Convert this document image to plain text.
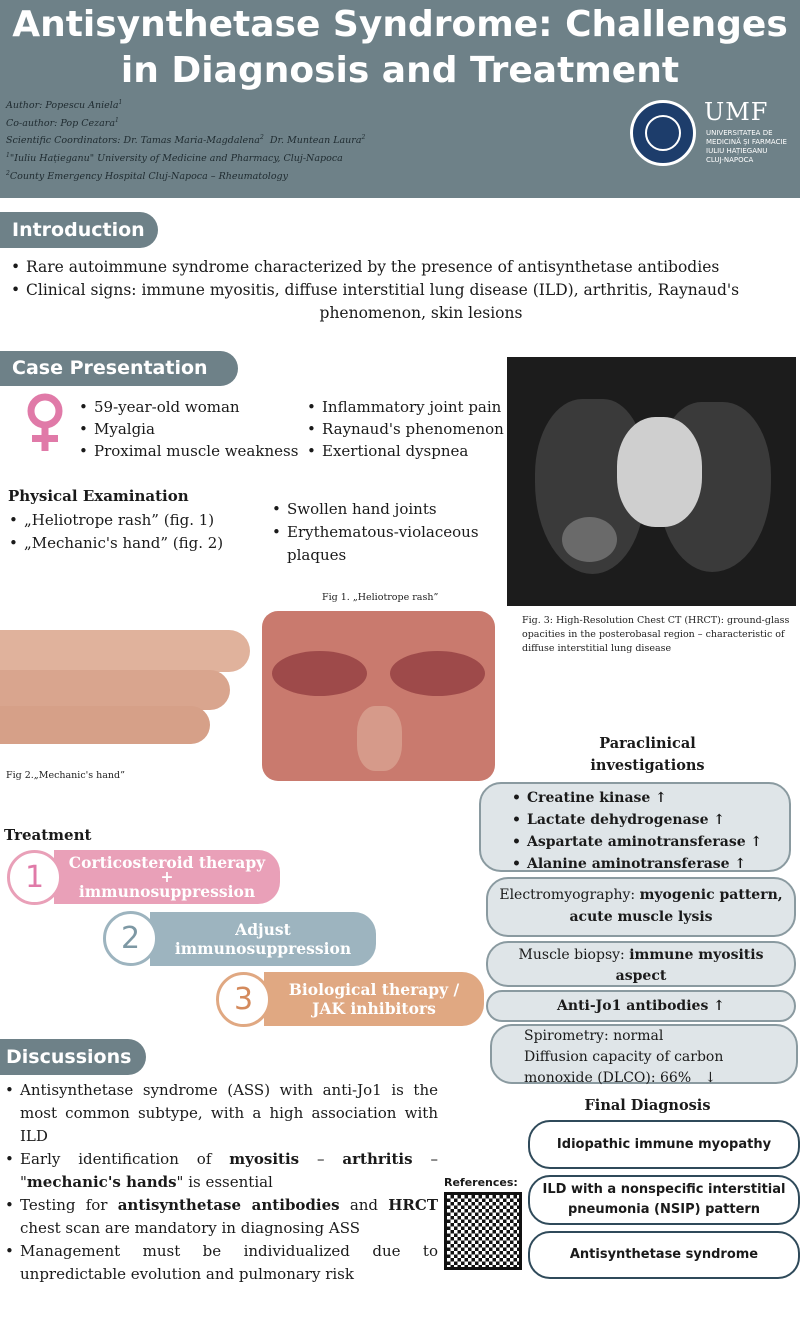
Antisynthetase Syndrome: Challenges
in Diagnosis and Treatment
Author: Popescu Aniela$^1$
Co-author: Pop Cezara$^1$
Scientific Coordinators: Dr. Tamas Maria-Magdalena$^2$ Dr. Muntean Laura$^2$
$^1$"Iuliu Hațieganu" University of Medicine and Pharmacy, Cluj-Napoca
$^2$County Emergency Hospital Cluj-Napoca – Rheumatology
UMF
UNIVERSITATEA DE
MEDICINĂ ȘI FARMACIE
IULIU HAȚIEGANU
CLUJ-NAPOCA
Introduction
• Rare autoimmune syndrome characterized by the presence of antisynthetase antibodies
• Clinical signs: immune myositis, diffuse interstitial lung disease (ILD), arthritis, Raynaud's
phenomenon, skin lesions
Case Presentation
• 59-year-old woman
• Myalgia
• Proximal muscle weakness
• Inflammatory joint pain
• Raynaud's phenomenon
• Exertional dyspnea
Physical Examination
• „Heliotrope rash” (fig. 1)
• „Mechanic's hand” (fig. 2)
• Swollen hand joints
• Erythematous-violaceous plaques
Fig. 3: High-Resolution Chest CT (HRCT): ground-glass opacities in the posterobasal region – characteristic of diffuse interstitial lung disease
Fig 1. „Heliotrope rash”
Fig 2.„Mechanic's hand”
Treatment
Corticosteroid therapy
+
immunosuppression
1
Adjust
immunosuppression
2
Biological therapy /
JAK inhibitors
3
Paraclinical
investigations
• Creatine kinase ↑
• Lactate dehydrogenase ↑
• Aspartate aminotransferase ↑
• Alanine aminotransferase ↑
Electromyography: myogenic pattern, acute muscle lysis
Muscle biopsy: immune myositis aspect
Anti-Jo1 antibodies ↑
Spirometry: normal
Diffusion capacity of carbon
monoxide (DLCO): 66% ↓
Discussions
• Antisynthetase syndrome (ASS) with anti-Jo1 is the most common subtype, with a high association with ILD
• Early identification of myositis – arthritis – "mechanic's hands" is essential
• Testing for antisynthetase antibodies and HRCT chest scan are mandatory in diagnosing ASS
• Management must be individualized due to unpredictable evolution and pulmonary risk
References:
Final Diagnosis
Idiopathic immune myopathy
ILD with a nonspecific interstitial pneumonia (NSIP) pattern
Antisynthetase syndrome
